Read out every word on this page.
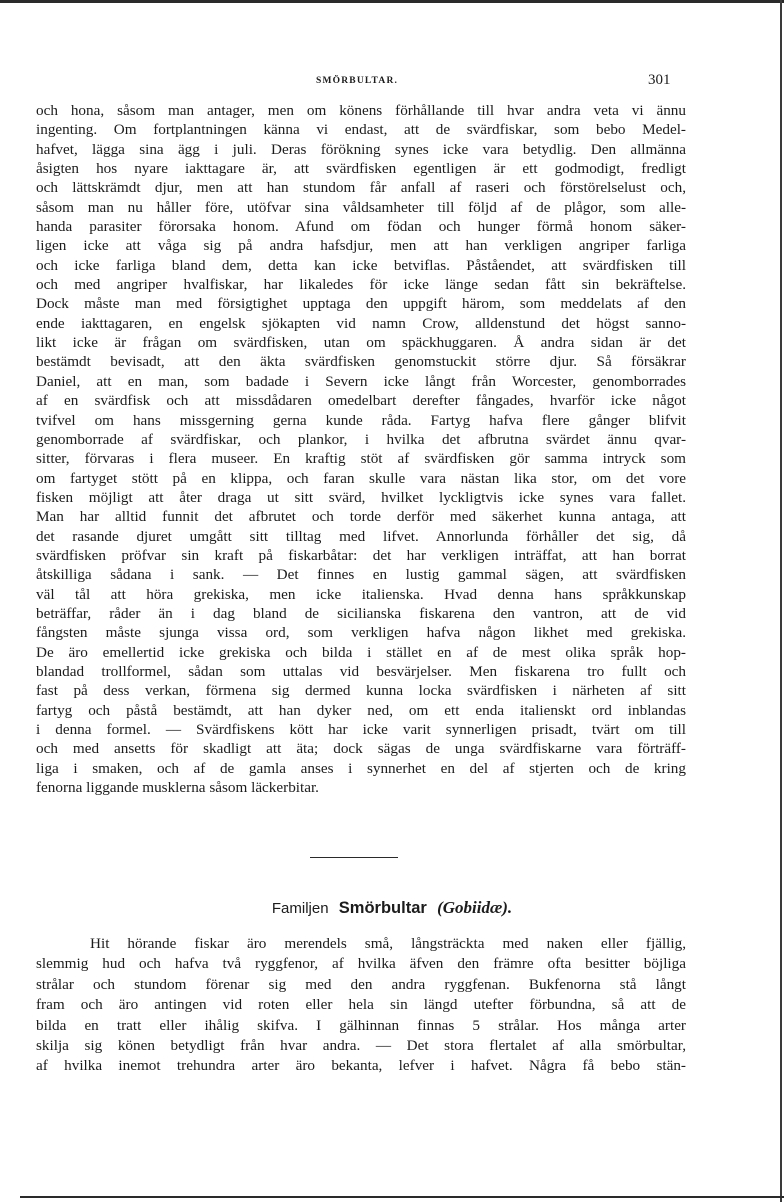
SMÖRBULTAR.	301
och hona, såsom man antager, men om könens förhållande till hvar andra veta vi ännu
ingenting. Om fortplantningen känna vi endast, att de svärdfiskar, som bebo Medel-
hafvet, lägga sina ägg i juli. Deras förökning synes icke vara betydlig. Den allmänna
åsigten hos nyare iakttagare är, att svärdfisken egentligen är ett godmodigt, fredligt
och lättskrämdt djur, men att han stundom får anfall af raseri och förstörelselust och,
såsom man nu håller före, utöfvar sina våldsamheter till följd af de plågor, som alle-
handa parasiter förorsaka honom. Afund om födan och hunger förmå honom säker-
ligen icke att våga sig på andra hafsdjur, men att han verkligen angriper farliga
och icke farliga bland dem, detta kan icke betviflas. Påståendet, att svärdfisken till
och med angriper hvalfiskar, har likaledes för icke länge sedan fått sin bekräftelse.
Dock måste man med försigtighet upptaga den uppgift härom, som meddelats af den
ende iakttagaren, en engelsk sjökapten vid namn Crow, alldenstund det högst sanno-
likt icke är frågan om svärdfisken, utan om späckhuggaren. Å andra sidan är det
bestämdt bevisadt, att den äkta svärdfisken genomstuckit större djur. Så försäkrar
Daniel, att en man, som badade i Severn icke långt från Worcester, genomborrades
af en svärdfisk och att missdådaren omedelbart derefter fångades, hvarför icke något
tvifvel om hans missgerning gerna kunde råda. Fartyg hafva flere gånger blifvit
genomborrade af svärdfiskar, och plankor, i hvilka det afbrutna svärdet ännu qvar-
sitter, förvaras i flera museer. En kraftig stöt af svärdfisken gör samma intryck som
om fartyget stött på en klippa, och faran skulle vara nästan lika stor, om det vore
fisken möjligt att åter draga ut sitt svärd, hvilket lyckligtvis icke synes vara fallet.
Man har alltid funnit det afbrutet och torde derför med säkerhet kunna antaga, att
det rasande djuret umgått sitt tilltag med lifvet. Annorlunda förhåller det sig, då
svärdfisken pröfvar sin kraft på fiskarbåtar: det har verkligen inträffat, att han borrat
åtskilliga sådana i sank. — Det finnes en lustig gammal sägen, att svärdfisken
väl tål att höra grekiska, men icke italienska. Hvad denna hans språkkunskap
beträffar, råder än i dag bland de sicilianska fiskarena den vantron, att de vid
fångsten måste sjunga vissa ord, som verkligen hafva någon likhet med grekiska.
De äro emellertid icke grekiska och bilda i stället en af de mest olika språk hop-
blandad trollformel, sådan som uttalas vid besvärjelser. Men fiskarena tro fullt och
fast på dess verkan, förmena sig dermed kunna locka svärdfisken i närheten af sitt
fartyg och påstå bestämdt, att han dyker ned, om ett enda italienskt ord inblandas
i denna formel. — Svärdfiskens kött har icke varit synnerligen prisadt, tvärt om till
och med ansetts för skadligt att äta; dock sägas de unga svärdfiskarne vara förträff-
liga i smaken, och af de gamla anses i synnerhet en del af stjerten och de kring
fenorna liggande musklerna såsom läckerbitar.
Familjen Smörbultar (Gobiidæ).
Hit hörande fiskar äro merendels små, långsträckta med naken eller fjällig,
slemmig hud och hafva två ryggfenor, af hvilka äfven den främre ofta besitter böjliga
strålar och stundom förenar sig med den andra ryggfenan. Bukfenorna stå långt
fram och äro antingen vid roten eller hela sin längd utefter förbundna, så att de
bilda en tratt eller ihålig skifva. I gälhinnan finnas 5 strålar. Hos många arter
skilja sig könen betydligt från hvar andra. — Det stora flertalet af alla smörbultar,
af hvilka inemot trehundra arter äro bekanta, lefver i hafvet. Några få bebo stän-
